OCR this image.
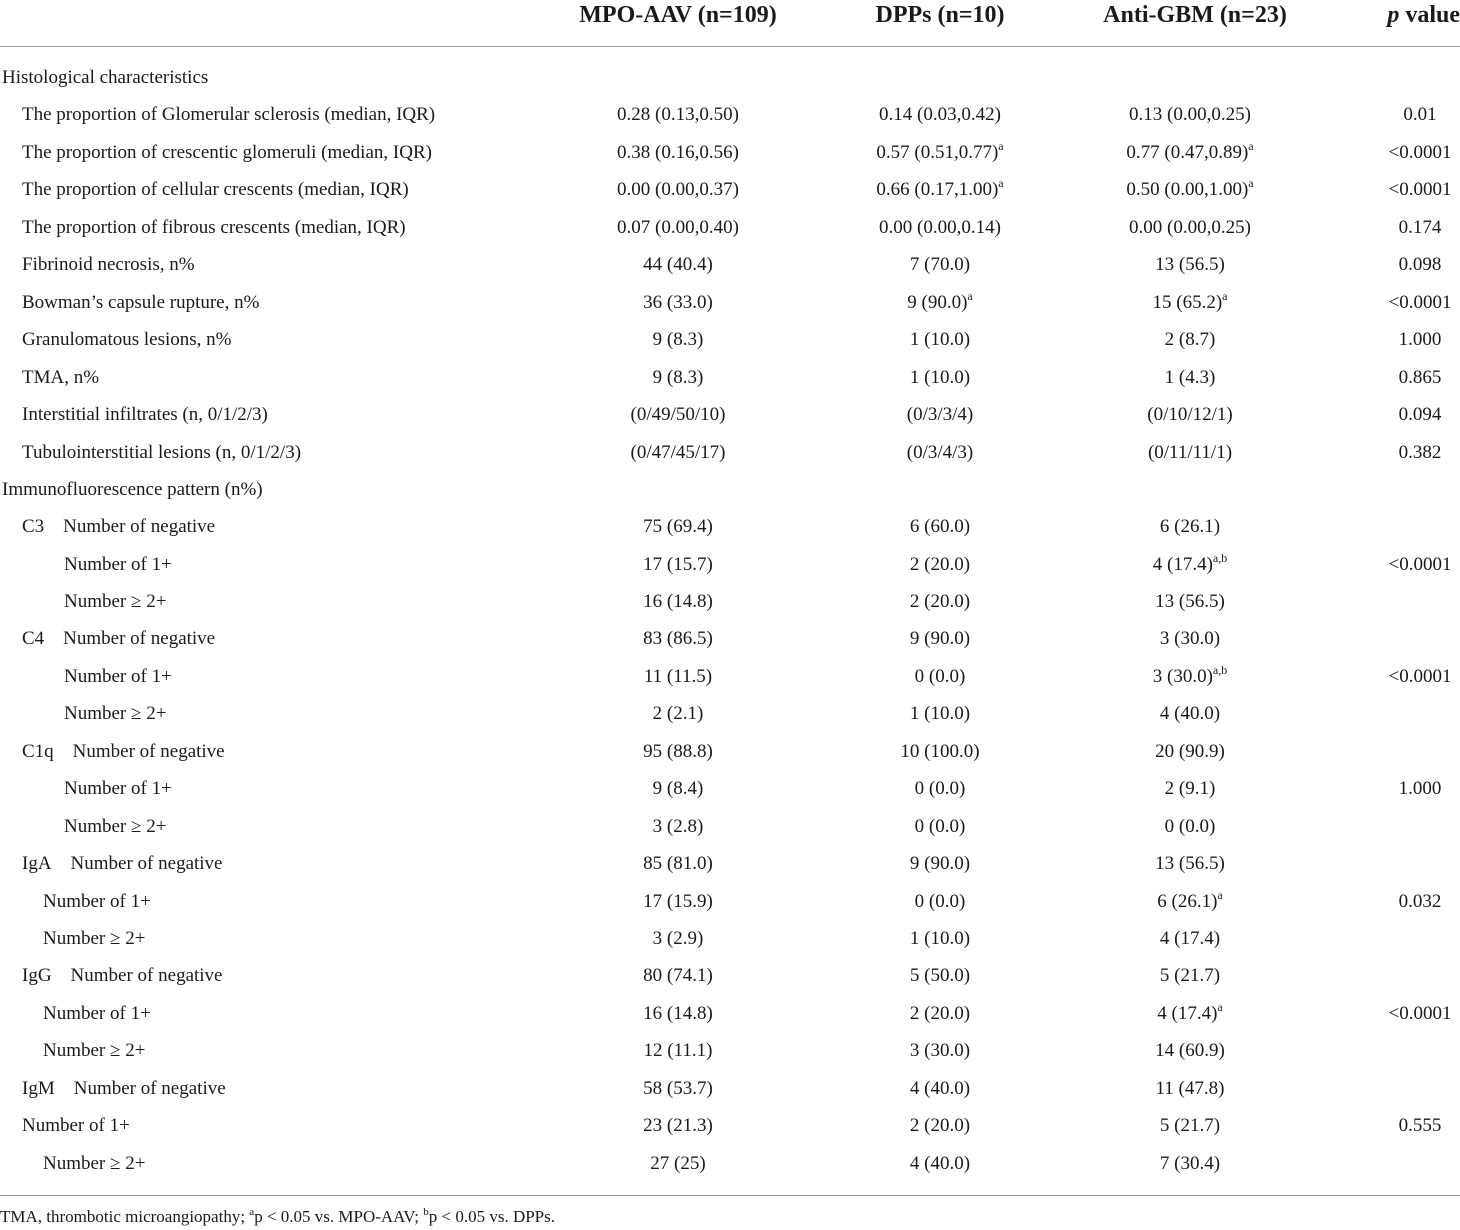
MPO-AAV (n=109)	DPPs (n=10)	Anti-GBM (n=23)	p value
Histological characteristics
The proportion of Glomerular sclerosis (median, IQR)	0.28 (0.13,0.50)	0.14 (0.03,0.42)	0.13 (0.00,0.25)	0.01
The proportion of crescentic glomeruli (median, IQR)	0.38 (0.16,0.56)	0.57 $(0.51,0.77)^a$	0.77 $(0.47,0.89)^a$	<0.0001
The proportion of cellular crescents (median, IQR)	0.00 (0.00,0.37)	0.66 $(0.17,1.00)^a$	0.50 $(0.00,1.00)^a$	<0.0001
The proportion of fibrous crescents (median, IQR)	0.07 (0.00,0.40)	0.00 (0.00,0.14)	0.00 (0.00,0.25)	0.174
Fibrinoid necrosis, n%	44 (40.4)	7 (70.0)	13 (56.5)	0.098
Bowman’s capsule rupture, n%	36 (33.0)	9 $(90.0)^a$	15 $(65.2)^a$	<0.0001
Granulomatous lesions, n%	9 (8.3)	1 (10.0)	2 (8.7)	1.000
TMA, n%	9 (8.3)	1 (10.0)	1 (4.3)	0.865
Interstitial infiltrates (n, 0/1/2/3)	(0/49/50/10)	(0/3/3/4)	(0/10/12/1)	0.094
Tubulointerstitial lesions (n, 0/1/2/3)	(0/47/45/17)	(0/3/4/3)	(0/11/11/1)	0.382
Immunofluorescence pattern (n%)
C3 Number of negative	75 (69.4)	6 (60.0)	6 (26.1)
Number of 1+	17 (15.7)	2 (20.0)	4 $(17.4)^{a,b}$	<0.0001
Number ≥ 2+	16 (14.8)	2 (20.0)	13 (56.5)
C4 Number of negative	83 (86.5)	9 (90.0)	3 (30.0)
Number of 1+	11 (11.5)	0 (0.0)	3 $(30.0)^{a,b}$	<0.0001
Number ≥ 2+	2 (2.1)	1 (10.0)	4 (40.0)
C1q Number of negative	95 (88.8)	10 (100.0)	20 (90.9)
Number of 1+	9 (8.4)	0 (0.0)	2 (9.1)	1.000
Number ≥ 2+	3 (2.8)	0 (0.0)	0 (0.0)
IgA Number of negative	85 (81.0)	9 (90.0)	13 (56.5)
Number of 1+	17 (15.9)	0 (0.0)	6 $(26.1)^a$	0.032
Number ≥ 2+	3 (2.9)	1 (10.0)	4 (17.4)
IgG Number of negative	80 (74.1)	5 (50.0)	5 (21.7)
Number of 1+	16 (14.8)	2 (20.0)	4 $(17.4)^a$	<0.0001
Number ≥ 2+	12 (11.1)	3 (30.0)	14 (60.9)
IgM Number of negative	58 (53.7)	4 (40.0)	11 (47.8)
Number of 1+	23 (21.3)	2 (20.0)	5 (21.7)	0.555
Number ≥ 2+	27 (25)	4 (40.0)	7 (30.4)
TMA, thrombotic microangiopathy; $^a$p < 0.05 vs. MPO-AAV; $^b$p < 0.05 vs. DPPs.
